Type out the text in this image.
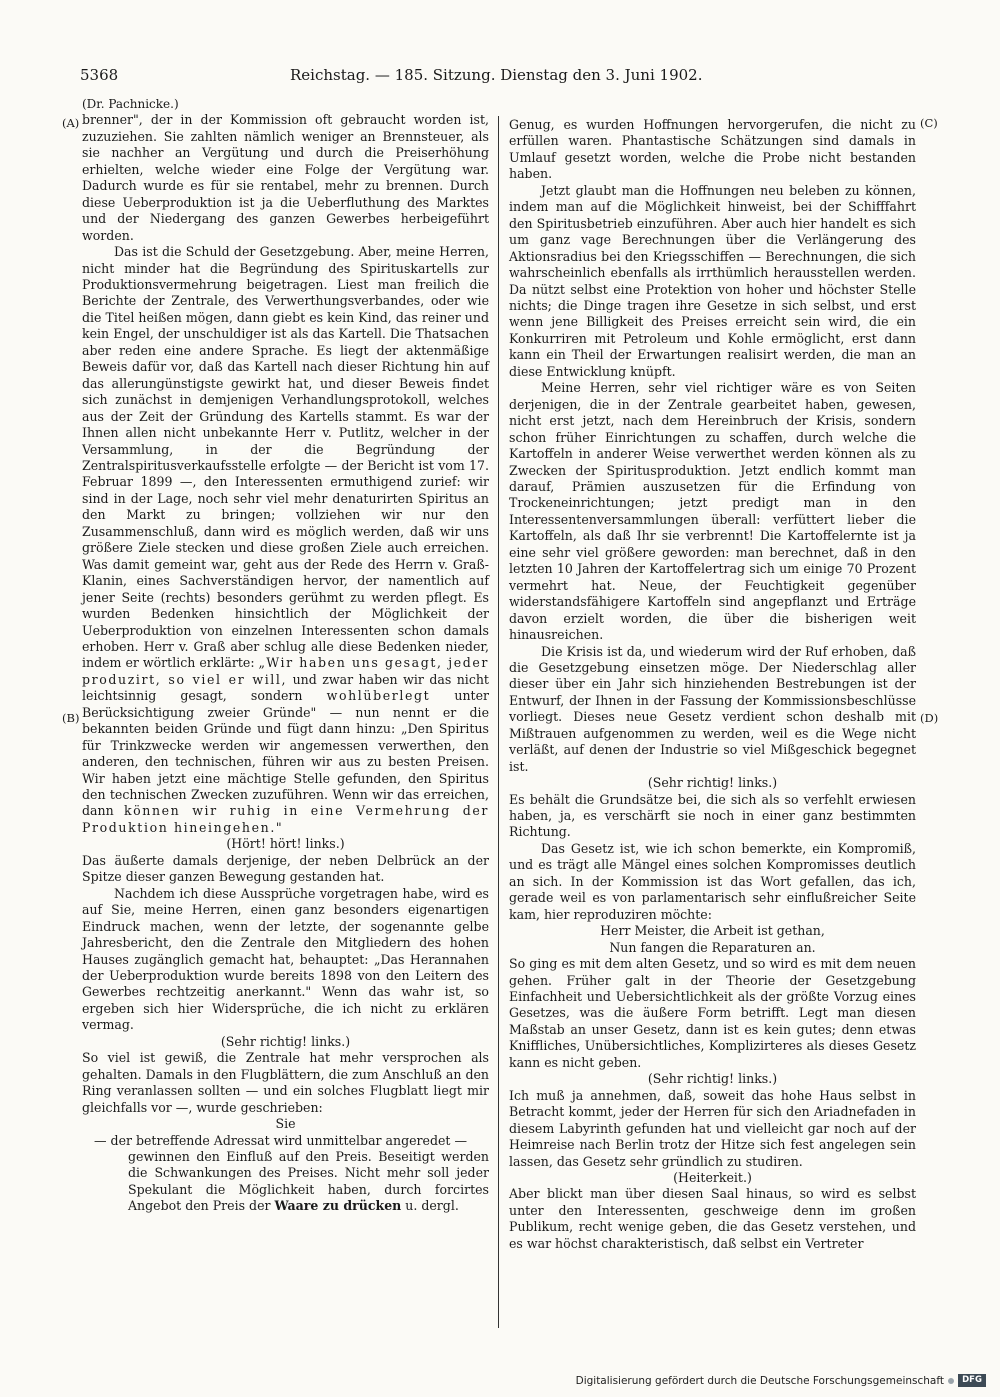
5368	Reichstag. — 185. Sitzung. Dienstag den 3. Juni 1902.
(A)
(B)
(C)
(D)

(Dr. Pachnicke.)

brenner", der in der Kommission oft gebraucht worden ist, zuzuziehen. Sie zahlten nämlich weniger an Brennsteuer, als sie nachher an Vergütung und durch die Preiserhöhung erhielten, welche wieder eine Folge der Vergütung war. Dadurch wurde es für sie rentabel, mehr zu brennen. Durch diese Ueberproduktion ist ja die Ueberfluthung des Marktes und der Niedergang des ganzen Gewerbes herbeigeführt worden.

Das ist die Schuld der Gesetzgebung. Aber, meine Herren, nicht minder hat die Begründung des Spirituskartells zur Produktionsvermehrung beigetragen. Liest man freilich die Berichte der Zentrale, des Verwerthungsverbandes, oder wie die Titel heißen mögen, dann giebt es kein Kind, das reiner und kein Engel, der unschuldiger ist als das Kartell. Die Thatsachen aber reden eine andere Sprache. Es liegt der aktenmäßige Beweis dafür vor, daß das Kartell nach dieser Richtung hin auf das allerungünstigste gewirkt hat, und dieser Beweis findet sich zunächst in demjenigen Verhandlungsprotokoll, welches aus der Zeit der Gründung des Kartells stammt. Es war der Ihnen allen nicht unbekannte Herr v. Putlitz, welcher in der Versammlung, in der die Begründung der Zentralspiritusverkaufsstelle erfolgte — der Bericht ist vom 17. Februar 1899 —, den Interessenten ermuthigend zurief: wir sind in der Lage, noch sehr viel mehr denaturirten Spiritus an den Markt zu bringen; vollziehen wir nur den Zusammenschluß, dann wird es möglich werden, daß wir uns größere Ziele stecken und diese großen Ziele auch erreichen. Was damit gemeint war, geht aus der Rede des Herrn v. Graß-Klanin, eines Sachverständigen hervor, der namentlich auf jener Seite (rechts) besonders gerühmt zu werden pflegt. Es wurden Bedenken hinsichtlich der Möglichkeit der Ueberproduktion von einzelnen Interessenten schon damals erhoben. Herr v. Graß aber schlug alle diese Bedenken nieder, indem er wörtlich erklärte: „Wir haben uns gesagt, jeder produzirt, so viel er will, und zwar haben wir das nicht leichtsinnig gesagt, sondern wohlüberlegt unter Berücksichtigung zweier Gründe" — nun nennt er die bekannten beiden Gründe und fügt dann hinzu: „Den Spiritus für Trinkzwecke werden wir angemessen verwerthen, den anderen, den technischen, führen wir aus zu besten Preisen. Wir haben jetzt eine mächtige Stelle gefunden, den Spiritus den technischen Zwecken zuzuführen. Wenn wir das erreichen, dann können wir ruhig in eine Vermehrung der Produktion hineingehen."

(Hört! hört! links.)

Das äußerte damals derjenige, der neben Delbrück an der Spitze dieser ganzen Bewegung gestanden hat.

Nachdem ich diese Aussprüche vorgetragen habe, wird es auf Sie, meine Herren, einen ganz besonders eigenartigen Eindruck machen, wenn der letzte, der sogenannte gelbe Jahresbericht, den die Zentrale den Mitgliedern des hohen Hauses zugänglich gemacht hat, behauptet: „Das Herannahen der Ueberproduktion wurde bereits 1898 von den Leitern des Gewerbes rechtzeitig anerkannt." Wenn das wahr ist, so ergeben sich hier Widersprüche, die ich nicht zu erklären vermag.

(Sehr richtig! links.)

So viel ist gewiß, die Zentrale hat mehr versprochen als gehalten. Damals in den Flugblättern, die zum Anschluß an den Ring veranlassen sollten — und ein solches Flugblatt liegt mir gleichfalls vor —, wurde geschrieben:

Sie

— der betreffende Adressat wird unmittelbar angeredet —

gewinnen den Einfluß auf den Preis. Beseitigt werden die Schwankungen des Preises. Nicht mehr soll jeder Spekulant die Möglichkeit haben, durch forcirtes Angebot den Preis der Waare zu drücken u. dergl.

Genug, es wurden Hoffnungen hervorgerufen, die nicht zu erfüllen waren. Phantastische Schätzungen sind damals in Umlauf gesetzt worden, welche die Probe nicht bestanden haben.

Jetzt glaubt man die Hoffnungen neu beleben zu können, indem man auf die Möglichkeit hinweist, bei der Schifffahrt den Spiritusbetrieb einzuführen. Aber auch hier handelt es sich um ganz vage Berechnungen über die Verlängerung des Aktionsradius bei den Kriegsschiffen — Berechnungen, die sich wahrscheinlich ebenfalls als irrthümlich herausstellen werden. Da nützt selbst eine Protektion von hoher und höchster Stelle nichts; die Dinge tragen ihre Gesetze in sich selbst, und erst wenn jene Billigkeit des Preises erreicht sein wird, die ein Konkurriren mit Petroleum und Kohle ermöglicht, erst dann kann ein Theil der Erwartungen realisirt werden, die man an diese Entwicklung knüpft.

Meine Herren, sehr viel richtiger wäre es von Seiten derjenigen, die in der Zentrale gearbeitet haben, gewesen, nicht erst jetzt, nach dem Hereinbruch der Krisis, sondern schon früher Einrichtungen zu schaffen, durch welche die Kartoffeln in anderer Weise verwerthet werden können als zu Zwecken der Spiritusproduktion. Jetzt endlich kommt man darauf, Prämien auszusetzen für die Erfindung von Trockeneinrichtungen; jetzt predigt man in den Interessentenversammlungen überall: verfüttert lieber die Kartoffeln, als daß Ihr sie verbrennt! Die Kartoffelernte ist ja eine sehr viel größere geworden: man berechnet, daß in den letzten 10 Jahren der Kartoffelertrag sich um einige 70 Prozent vermehrt hat. Neue, der Feuchtigkeit gegenüber widerstandsfähigere Kartoffeln sind angepflanzt und Erträge davon erzielt worden, die über die bisherigen weit hinausreichen.

Die Krisis ist da, und wiederum wird der Ruf erhoben, daß die Gesetzgebung einsetzen möge. Der Niederschlag aller dieser über ein Jahr sich hinziehenden Bestrebungen ist der Entwurf, der Ihnen in der Fassung der Kommissionsbeschlüsse vorliegt. Dieses neue Gesetz verdient schon deshalb mit Mißtrauen aufgenommen zu werden, weil es die Wege nicht verläßt, auf denen der Industrie so viel Mißgeschick begegnet ist.

(Sehr richtig! links.)

Es behält die Grundsätze bei, die sich als so verfehlt erwiesen haben, ja, es verschärft sie noch in einer ganz bestimmten Richtung.

Das Gesetz ist, wie ich schon bemerkte, ein Kompromiß, und es trägt alle Mängel eines solchen Kompromisses deutlich an sich. In der Kommission ist das Wort gefallen, das ich, gerade weil es von parlamentarisch sehr einflußreicher Seite kam, hier reproduziren möchte:

Herr Meister, die Arbeit ist gethan,

Nun fangen die Reparaturen an.

So ging es mit dem alten Gesetz, und so wird es mit dem neuen gehen. Früher galt in der Theorie der Gesetzgebung Einfachheit und Uebersichtlichkeit als der größte Vorzug eines Gesetzes, was die äußere Form betrifft. Legt man diesen Maßstab an unser Gesetz, dann ist es kein gutes; denn etwas Kniffliches, Unübersichtliches, Komplizirteres als dieses Gesetz kann es nicht geben.

(Sehr richtig! links.)

Ich muß ja annehmen, daß, soweit das hohe Haus selbst in Betracht kommt, jeder der Herren für sich den Ariadnefaden in diesem Labyrinth gefunden hat und vielleicht gar noch auf der Heimreise nach Berlin trotz der Hitze sich fest angelegen sein lassen, das Gesetz sehr gründlich zu studiren.

(Heiterkeit.)

Aber blickt man über diesen Saal hinaus, so wird es selbst unter den Interessenten, geschweige denn im großen Publikum, recht wenige geben, die das Gesetz verstehen, und es war höchst charakteristisch, daß selbst ein Vertreter

Digitalisierung gefördert durch die Deutsche Forschungsgemeinschaft	DFG
